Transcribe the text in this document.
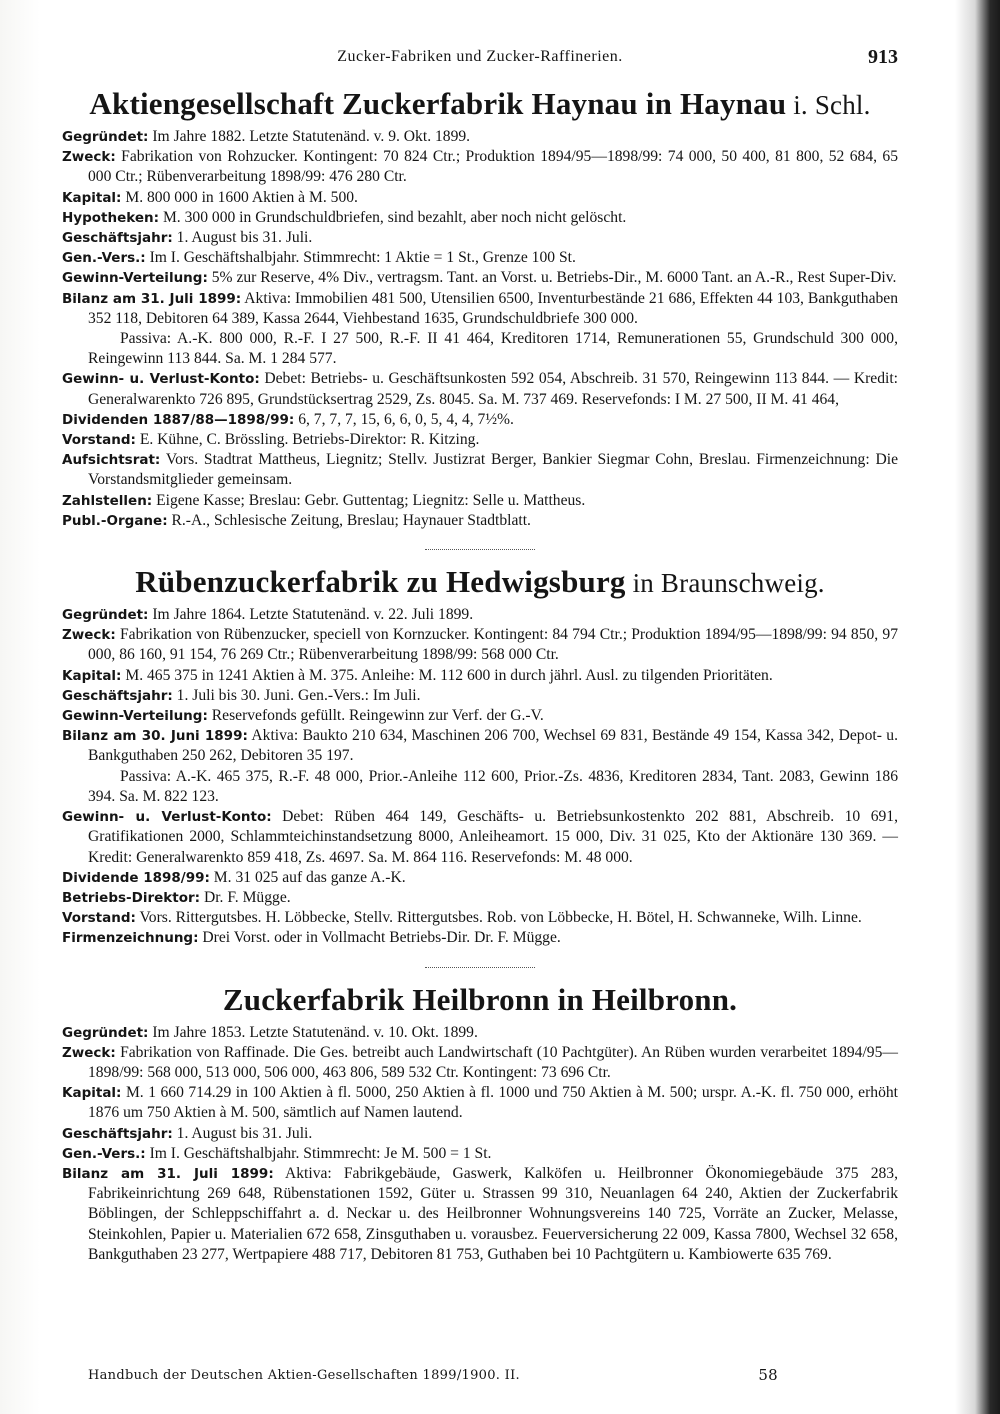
Zucker-Fabriken und Zucker-Raffinerien.	913
Aktiengesellschaft Zuckerfabrik Haynau in Haynau i. Schl.
Gegründet: Im Jahre 1882. Letzte Statutenänd. v. 9. Okt. 1899.
Zweck: Fabrikation von Rohzucker. Kontingent: 70 824 Ctr.; Produktion 1894/95—1898/99: 74 000, 50 400, 81 800, 52 684, 65 000 Ctr.; Rübenverarbeitung 1898/99: 476 280 Ctr.
Kapital: M. 800 000 in 1600 Aktien à M. 500.
Hypotheken: M. 300 000 in Grundschuldbriefen, sind bezahlt, aber noch nicht gelöscht.
Geschäftsjahr: 1. August bis 31. Juli.
Gen.-Vers.: Im I. Geschäftshalbjahr. Stimmrecht: 1 Aktie = 1 St., Grenze 100 St.
Gewinn-Verteilung: 5% zur Reserve, 4% Div., vertragsm. Tant. an Vorst. u. Betriebs-Dir., M. 6000 Tant. an A.-R., Rest Super-Div.
Bilanz am 31. Juli 1899: Aktiva: Immobilien 481 500, Utensilien 6500, Inventurbestände 21 686, Effekten 44 103, Bankguthaben 352 118, Debitoren 64 389, Kassa 2644, Viehbestand 1635, Grundschuldbriefe 300 000.
Passiva: A.-K. 800 000, R.-F. I 27 500, R.-F. II 41 464, Kreditoren 1714, Remunerationen 55, Grundschuld 300 000, Reingewinn 113 844. Sa. M. 1 284 577.
Gewinn- u. Verlust-Konto: Debet: Betriebs- u. Geschäftsunkosten 592 054, Abschreib. 31 570, Reingewinn 113 844. — Kredit: Generalwarenkto 726 895, Grundstücksertrag 2529, Zs. 8045. Sa. M. 737 469. Reservefonds: I M. 27 500, II M. 41 464,
Dividenden 1887/88—1898/99: 6, 7, 7, 7, 15, 6, 6, 0, 5, 4, 4, 7½%.
Vorstand: E. Kühne, C. Brössling. Betriebs-Direktor: R. Kitzing.
Aufsichtsrat: Vors. Stadtrat Mattheus, Liegnitz; Stellv. Justizrat Berger, Bankier Siegmar Cohn, Breslau. Firmenzeichnung: Die Vorstandsmitglieder gemeinsam.
Zahlstellen: Eigene Kasse; Breslau: Gebr. Guttentag; Liegnitz: Selle u. Mattheus.
Publ.-Organe: R.-A., Schlesische Zeitung, Breslau; Haynauer Stadtblatt.
Rübenzuckerfabrik zu Hedwigsburg in Braunschweig.
Gegründet: Im Jahre 1864. Letzte Statutenänd. v. 22. Juli 1899.
Zweck: Fabrikation von Rübenzucker, speciell von Kornzucker. Kontingent: 84 794 Ctr.; Produktion 1894/95—1898/99: 94 850, 97 000, 86 160, 91 154, 76 269 Ctr.; Rübenverarbeitung 1898/99: 568 000 Ctr.
Kapital: M. 465 375 in 1241 Aktien à M. 375. Anleihe: M. 112 600 in durch jährl. Ausl. zu tilgenden Prioritäten.
Geschäftsjahr: 1. Juli bis 30. Juni. Gen.-Vers.: Im Juli.
Gewinn-Verteilung: Reservefonds gefüllt. Reingewinn zur Verf. der G.-V.
Bilanz am 30. Juni 1899: Aktiva: Baukto 210 634, Maschinen 206 700, Wechsel 69 831, Bestände 49 154, Kassa 342, Depot- u. Bankguthaben 250 262, Debitoren 35 197.
Passiva: A.-K. 465 375, R.-F. 48 000, Prior.-Anleihe 112 600, Prior.-Zs. 4836, Kreditoren 2834, Tant. 2083, Gewinn 186 394. Sa. M. 822 123.
Gewinn- u. Verlust-Konto: Debet: Rüben 464 149, Geschäfts- u. Betriebsunkostenkto 202 881, Abschreib. 10 691, Gratifikationen 2000, Schlammteichinstandsetzung 8000, Anleiheamort. 15 000, Div. 31 025, Kto der Aktionäre 130 369. — Kredit: Generalwarenkto 859 418, Zs. 4697. Sa. M. 864 116. Reservefonds: M. 48 000.
Dividende 1898/99: M. 31 025 auf das ganze A.-K.
Betriebs-Direktor: Dr. F. Mügge.
Vorstand: Vors. Rittergutsbes. H. Löbbecke, Stellv. Rittergutsbes. Rob. von Löbbecke, H. Bötel, H. Schwanneke, Wilh. Linne.
Firmenzeichnung: Drei Vorst. oder in Vollmacht Betriebs-Dir. Dr. F. Mügge.
Zuckerfabrik Heilbronn in Heilbronn.
Gegründet: Im Jahre 1853. Letzte Statutenänd. v. 10. Okt. 1899.
Zweck: Fabrikation von Raffinade. Die Ges. betreibt auch Landwirtschaft (10 Pachtgüter). An Rüben wurden verarbeitet 1894/95—1898/99: 568 000, 513 000, 506 000, 463 806, 589 532 Ctr. Kontingent: 73 696 Ctr.
Kapital: M. 1 660 714.29 in 100 Aktien à fl. 5000, 250 Aktien à fl. 1000 und 750 Aktien à M. 500; urspr. A.-K. fl. 750 000, erhöht 1876 um 750 Aktien à M. 500, sämtlich auf Namen lautend.
Geschäftsjahr: 1. August bis 31. Juli.
Gen.-Vers.: Im I. Geschäftshalbjahr. Stimmrecht: Je M. 500 = 1 St.
Bilanz am 31. Juli 1899: Aktiva: Fabrikgebäude, Gaswerk, Kalköfen u. Heilbronner Ökonomiegebäude 375 283, Fabrikeinrichtung 269 648, Rübenstationen 1592, Güter u. Strassen 99 310, Neuanlagen 64 240, Aktien der Zuckerfabrik Böblingen, der Schleppschiffahrt a. d. Neckar u. des Heilbronner Wohnungsvereins 140 725, Vorräte an Zucker, Melasse, Steinkohlen, Papier u. Materialien 672 658, Zinsguthaben u. vorausbez. Feuerversicherung 22 009, Kassa 7800, Wechsel 32 658, Bankguthaben 23 277, Wertpapiere 488 717, Debitoren 81 753, Guthaben bei 10 Pachtgütern u. Kambiowerte 635 769.
Handbuch der Deutschen Aktien-Gesellschaften 1899/1900. II.	58
